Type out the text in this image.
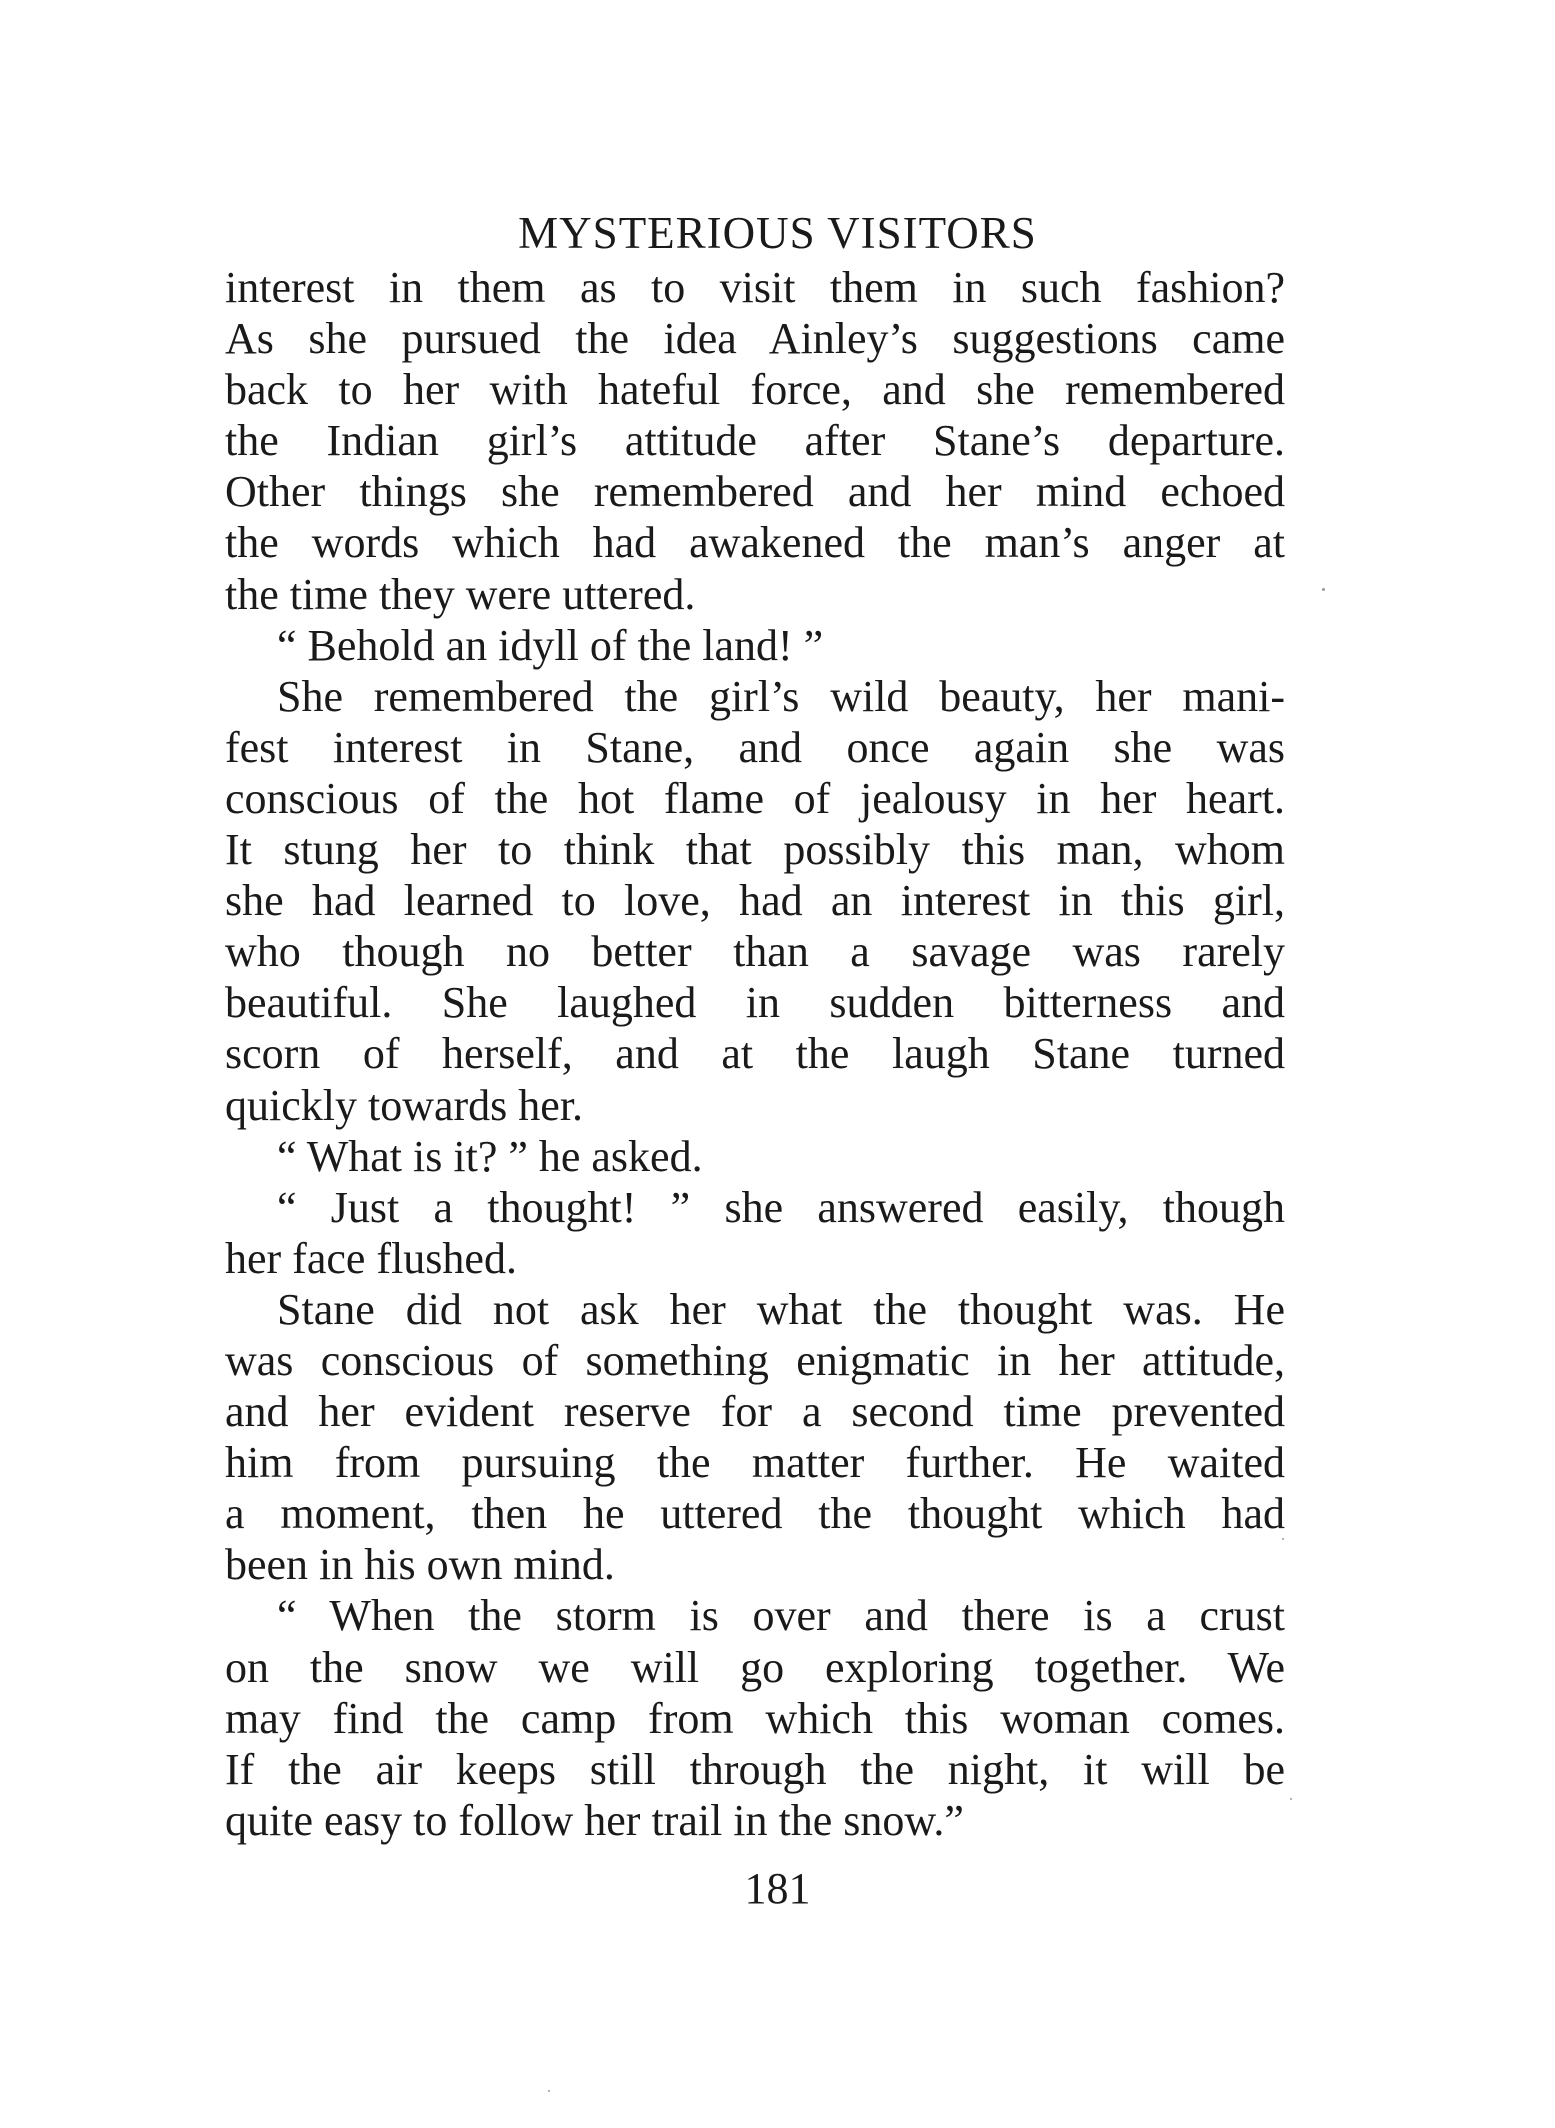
MYSTERIOUS VISITORS
interest in them as to visit them in such fashion?
As she pursued the idea Ainley’s suggestions came
back to her with hateful force, and she remembered
the Indian girl’s attitude after Stane’s departure.
Other things she remembered and her mind echoed
the words which had awakened the man’s anger at
the time they were uttered.
“ Behold an idyll of the land! ”
She remembered the girl’s wild beauty, her mani-
fest interest in Stane, and once again she was
conscious of the hot flame of jealousy in her heart.
It stung her to think that possibly this man, whom
she had learned to love, had an interest in this girl,
who though no better than a savage was rarely
beautiful. She laughed in sudden bitterness and
scorn of herself, and at the laugh Stane turned
quickly towards her.
“ What is it? ” he asked.
“ Just a thought! ” she answered easily, though
her face flushed.
Stane did not ask her what the thought was. He
was conscious of something enigmatic in her attitude,
and her evident reserve for a second time prevented
him from pursuing the matter further. He waited
a moment, then he uttered the thought which had
been in his own mind.
“ When the storm is over and there is a crust
on the snow we will go exploring together. We
may find the camp from which this woman comes.
If the air keeps still through the night, it will be
quite easy to follow her trail in the snow.”
181
